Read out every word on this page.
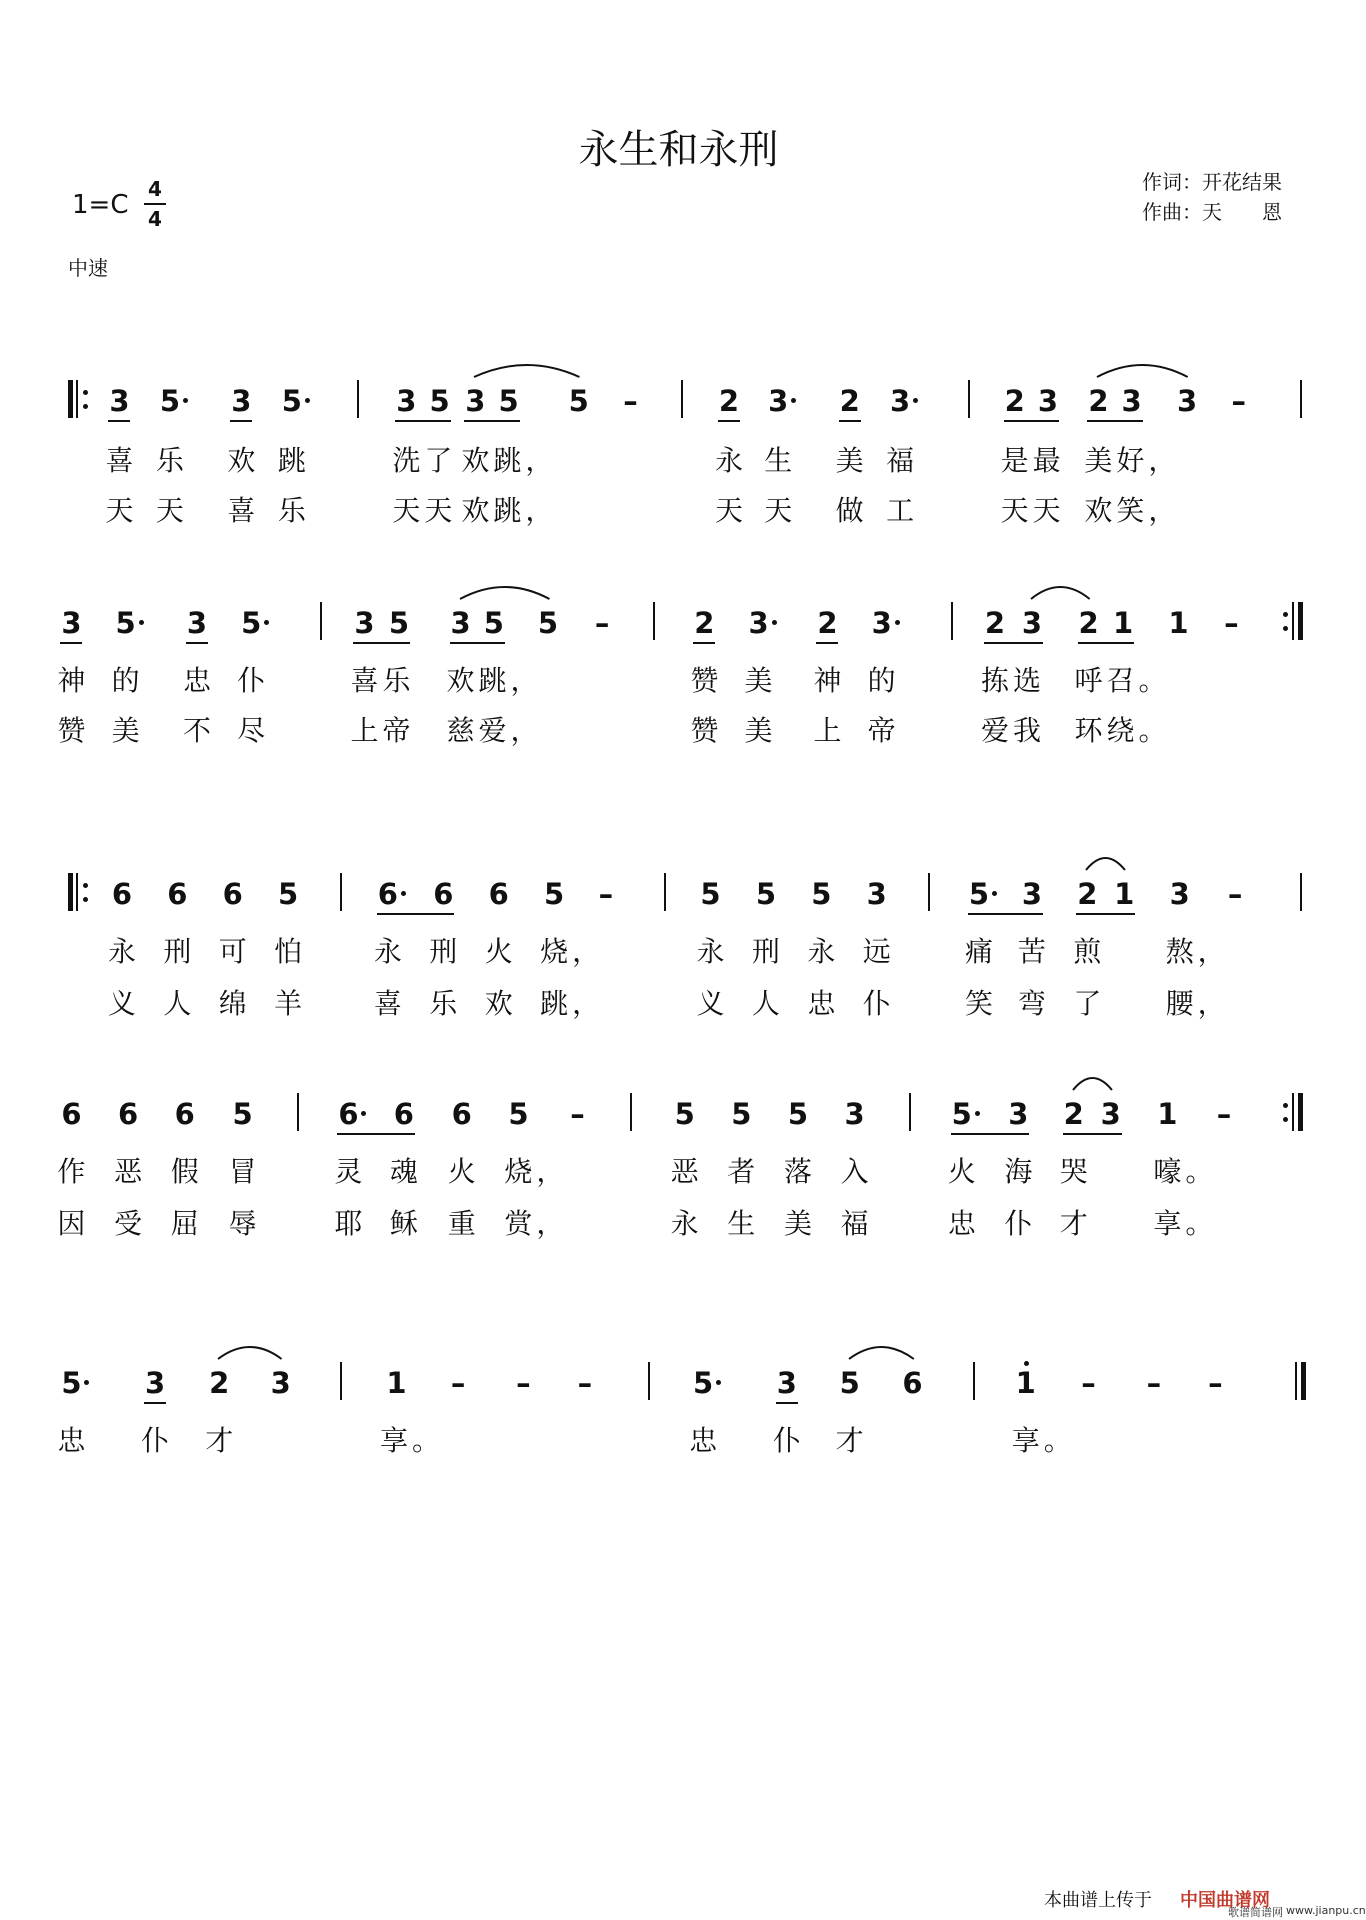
永生和永刑
作词：开花结果
作曲：天　　恩
1=C
4
4
中速
3 5 3 5	3 5 3 5 5	–	2 3 2 3	2 3 2 3 3	–
喜 乐 欢 跳	洗了 欢跳，	永 生 美 福	是最 美好，
天 天 喜 乐	天天 欢跳，	天 天 做 工	天天 欢笑，
3 5 3 5	3 5 3 5 5	–	2 3 2 3	2 3 2 1 1	–
神 的 忠 仆	喜乐 欢跳，	赞 美 神 的	拣选 呼召。
赞 美 不 尽	上帝 慈爱，	赞 美 上 帝	爱我 环绕。
6 6 6 5	6 6 6 5	–	5 5 5 3	5 3 2 1 3	–
永 刑 可 怕	永 刑 火 烧，	永 刑 永 远	痛 苦 煎 熬，
义 人 绵 羊	喜 乐 欢 跳，	义 人 忠 仆	笑 弯 了 腰，
6 6 6 5	6 6 6 5	–	5 5 5 3	5 3 2 3 1	–
作 恶 假 冒	灵 魂 火 烧，	恶 者 落 入	火 海 哭 嚎。
因 受 屈 辱	耶 稣 重 赏，	永 生 美 福	忠 仆 才 享。
5 3 2 3	1	–	–	–	5 3 5 6	1	–	–	–
忠 仆 才	享。	忠 仆 才	享。
本曲谱上传于 中国曲谱网
歌谱简谱网 www.jianpu.cn
